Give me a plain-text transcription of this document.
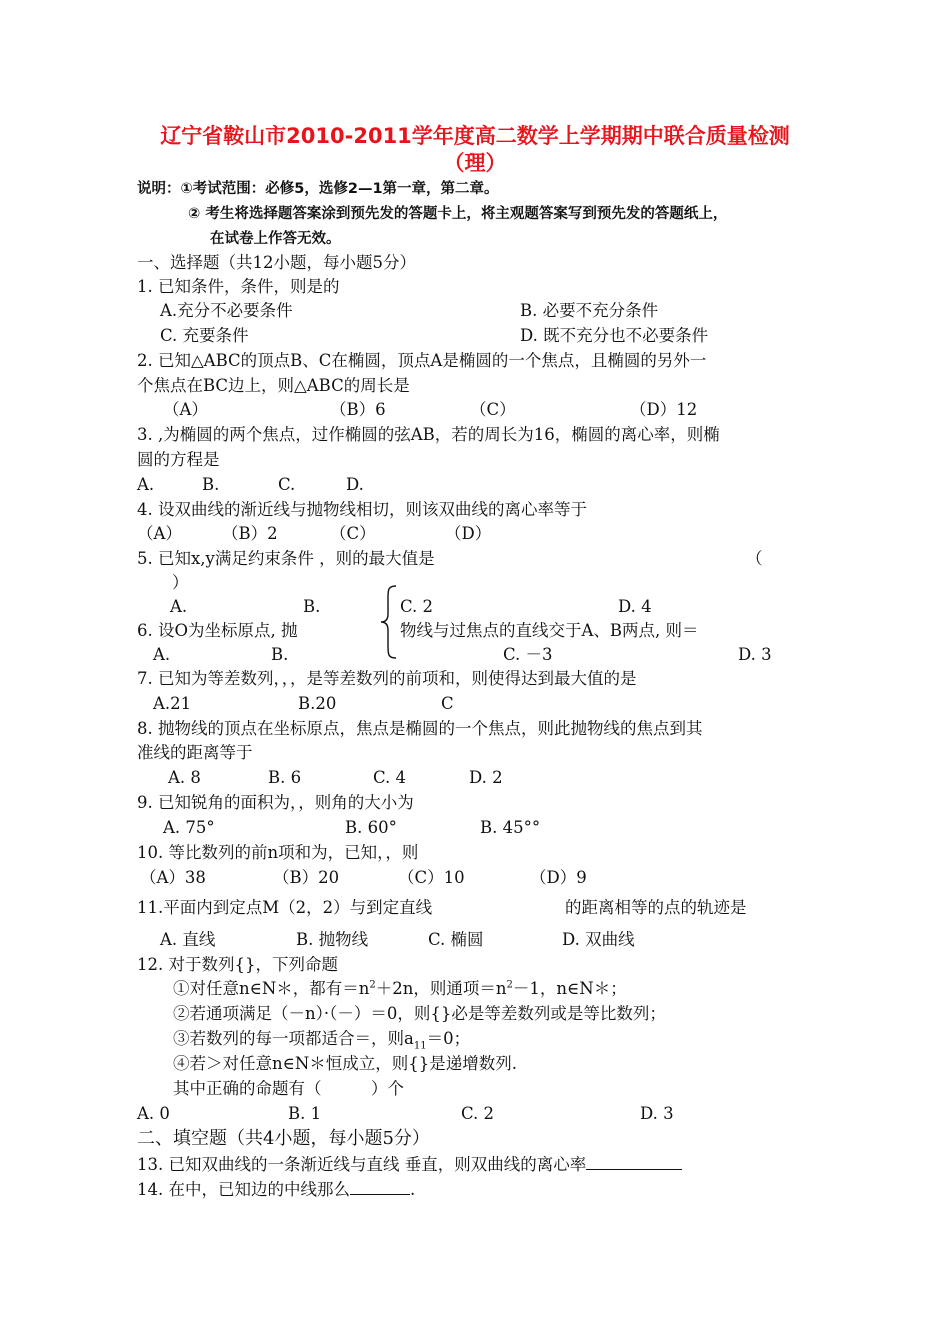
辽宁省鞍山市2010-2011学年度高二数学上学期期中联合质量检测
（理）
说明：①考试范围：必修5，选修2—1第一章，第二章。
② 考生将选择题答案涂到预先发的答题卡上，将主观题答案写到预先发的答题纸上，
在试卷上作答无效。
一、选择题（共12小题，每小题5分）
1. 已知条件，条件，则是的
A.充分不必要条件	B. 必要不充分条件
C. 充要条件	D. 既不充分也不必要条件
2. 已知△ABC的顶点B、C在椭圆，顶点A是椭圆的一个焦点，且椭圆的另外一
个焦点在BC边上，则△ABC的周长是
（A）	（B）6	（C）	（D）12
3. ,为椭圆的两个焦点，过作椭圆的弦AB，若的周长为16，椭圆的离心率，则椭
圆的方程是
A.	B.	C.	D.
4. 设双曲线的渐近线与抛物线相切，则该双曲线的离心率等于
（A） （B）2	（C）	（D）
5. 已知x,y满足约束条件 ，则的最大值是	（
）
A.	B.	C. 2	D. 4
6. 设O为坐标原点, 抛	物线与过焦点的直线交于A、B两点, 则＝
A.	B.	C. －3	D. 3
7. 已知为等差数列，，，是等差数列的前项和，则使得达到最大值的是
A.21	B.20	C
8. 抛物线的顶点在坐标原点，焦点是椭圆的一个焦点，则此抛物线的焦点到其
准线的距离等于
A. 8	B. 6	C. 4	D. 2
9. 已知锐角的面积为，，则角的大小为
A. 75°	B. 60°	B. 45°°
10. 等比数列的前n项和为，已知，，则
（A）38	（B）20	（C）10	（D）9
11.平面内到定点M（2，2）与到定直线	的距离相等的点的轨迹是
A. 直线	B. 抛物线	C. 椭圆	D. 双曲线
12. 对于数列{}，下列命题
①对任意n∈N＊，都有$=n^2+2n$，则通项$=n^2-1$，n∈N＊；
②若通项满足（－n）·（－）＝0，则{}必是等差数列或是等比数列；
③若数列的每一项都适合＝，则$a_{11}=0$；
④若＞对任意n∈N＊恒成立，则{}是递增数列.
其中正确的命题有（　　　）个
A. 0	B. 1	C. 2	D. 3
二、填空题（共4小题，每小题5分）
13. 已知双曲线的一条渐近线与直线 垂直，则双曲线的离心率
14. 在中，已知边的中线那么	.
